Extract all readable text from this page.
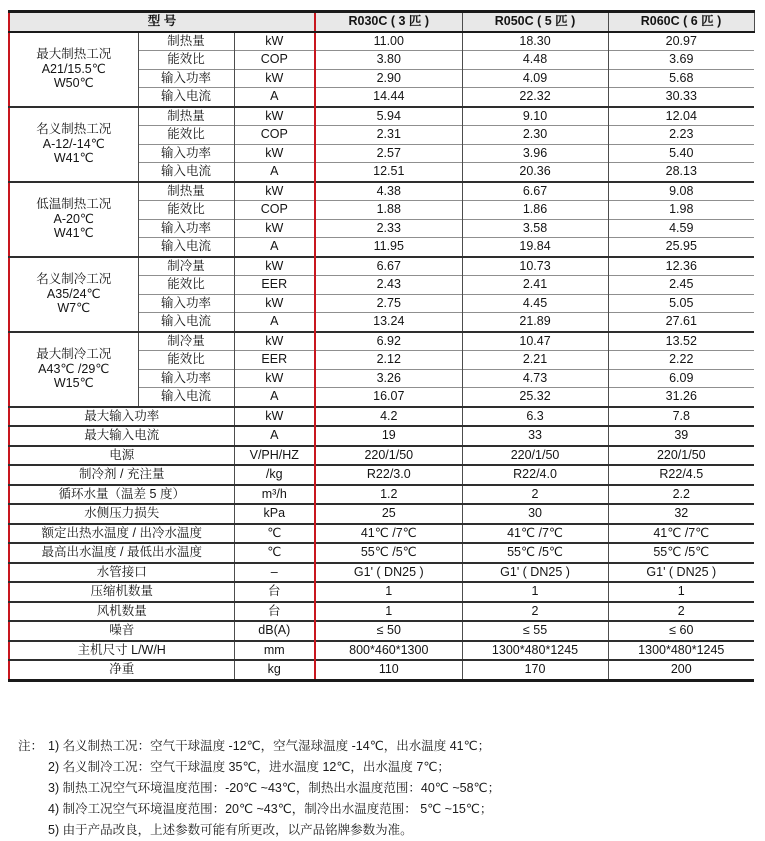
型 号			R030C ( 3 匹 )	R050C ( 5 匹 )	R060C ( 6 匹 )
最大制热工况
A21/15.5℃
W50℃	制热量	kW	11.00	18.30	20.97
	能效比	COP	3.80	4.48	3.69
	输入功率	kW	2.90	4.09	5.68
	输入电流	A	14.44	22.32	30.33
名义制热工况
A-12/-14℃
W41℃	制热量	kW	5.94	9.10	12.04
	能效比	COP	2.31	2.30	2.23
	输入功率	kW	2.57	3.96	5.40
	输入电流	A	12.51	20.36	28.13
低温制热工况
A-20℃
W41℃	制热量	kW	4.38	6.67	9.08
	能效比	COP	1.88	1.86	1.98
	输入功率	kW	2.33	3.58	4.59
	输入电流	A	11.95	19.84	25.95
名义制冷工况
A35/24℃
W7℃	制冷量	kW	6.67	10.73	12.36
	能效比	EER	2.43	2.41	2.45
	输入功率	kW	2.75	4.45	5.05
	输入电流	A	13.24	21.89	27.61
最大制冷工况
A43℃ /29℃
W15℃	制冷量	kW	6.92	10.47	13.52
	能效比	EER	2.12	2.21	2.22
	输入功率	kW	3.26	4.73	6.09
	输入电流	A	16.07	25.32	31.26
最大输入功率		kW	4.2	6.3	7.8
最大输入电流		A	19	33	39
电源		V/PH/HZ	220/1/50	220/1/50	220/1/50
制冷剂 / 充注量		/kg	R22/3.0	R22/4.0	R22/4.5
循环水量（温差 5 度）		m³/h	1.2	2	2.2
水侧压力损失		kPa	25	30	32
额定出热水温度 / 出冷水温度		℃	41℃ /7℃	41℃ /7℃	41℃ /7℃
最高出水温度 / 最低出水温度		℃	55℃ /5℃	55℃ /5℃	55℃ /5℃
水管接口		–	G1' ( DN25 )	G1' ( DN25 )	G1' ( DN25 )
压缩机数量		台	1	1	1
风机数量		台	1	2	2
噪音		dB(A)	≤ 50	≤ 55	≤ 60
主机尺寸 L/W/H		mm	800*460*1300	1300*480*1245	1300*480*1245
净重		kg	110	170	200
注： 1) 名义制热工况：空气干球温度 -12℃，空气湿球温度 -14℃，出水温度 41℃；
2) 名义制冷工况：空气干球温度 35℃，进水温度 12℃，出水温度 7℃；
3) 制热工况空气环境温度范围：-20℃ ~43℃，制热出水温度范围：40℃ ~58℃；
4) 制冷工况空气环境温度范围：20℃ ~43℃，制冷出水温度范围： 5℃ ~15℃；
5) 由于产品改良，上述参数可能有所更改，以产品铭牌参数为准。
